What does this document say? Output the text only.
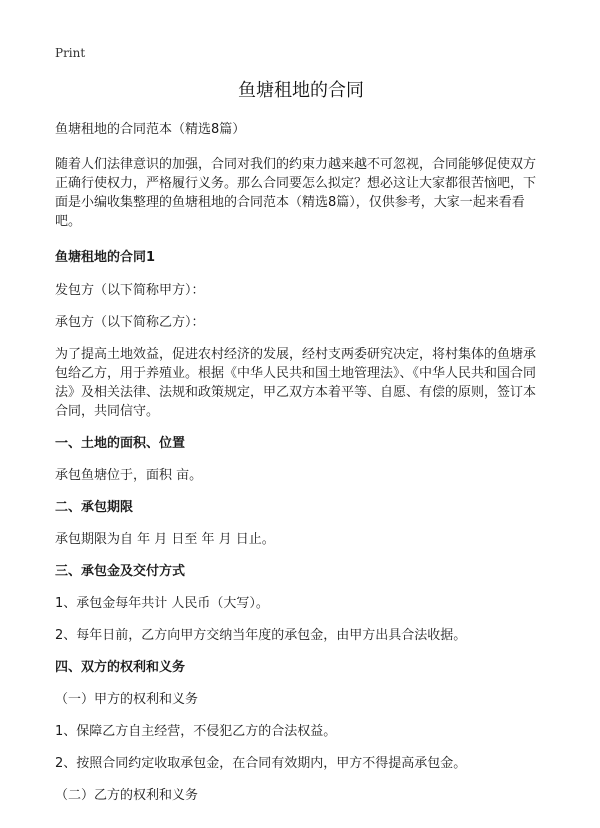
Print
鱼塘租地的合同

鱼塘租地的合同范本（精选8篇）

随着人们法律意识的加强，合同对我们的约束力越来越不可忽视，合同能够促使双方正确行使权力，严格履行义务。那么合同要怎么拟定？想必这让大家都很苦恼吧，下面是小编收集整理的鱼塘租地的合同范本（精选8篇），仅供参考，大家一起来看看吧。

鱼塘租地的合同1

发包方（以下简称甲方）：

承包方（以下简称乙方）：

为了提高土地效益，促进农村经济的发展，经村支两委研究决定，将村集体的鱼塘承包给乙方，用于养殖业。根据《中华人民共和国土地管理法》、《中华人民共和国合同法》及相关法律、法规和政策规定，甲乙双方本着平等、自愿、有偿的原则，签订本合同，共同信守。

一、土地的面积、位置

承包鱼塘位于，面积 亩。

二、承包期限

承包期限为自 年 月 日至 年 月 日止。

三、承包金及交付方式

1、承包金每年共计 人民币（大写）。

2、每年日前，乙方向甲方交纳当年度的承包金，由甲方出具合法收据。

四、双方的权利和义务

（一）甲方的权利和义务

1、保障乙方自主经营，不侵犯乙方的合法权益。

2、按照合同约定收取承包金，在合同有效期内，甲方不得提高承包金。

（二）乙方的权利和义务
